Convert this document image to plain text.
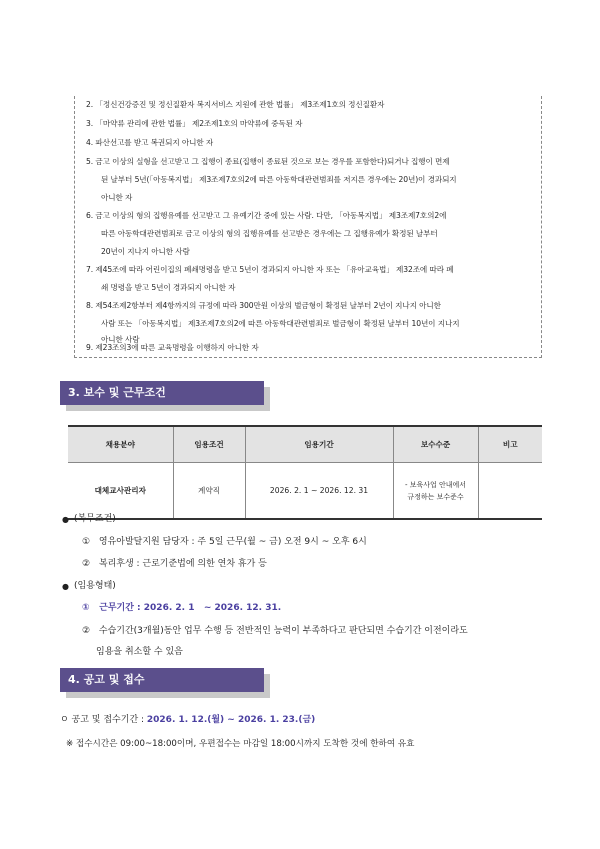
2. 「정신건강증진 및 정신질환자 복지서비스 지원에 관한 법률」 제3조제1호의 정신질환자
3. 「마약류 관리에 관한 법률」 제2조제1호의 마약류에 중독된 자
4. 파산선고를 받고 복권되지 아니한 자
5. 금고 이상의 실형을 선고받고 그 집행이 종료(집행이 종료된 것으로 보는 경우를 포함한다)되거나 집행이 면제
된 날부터 5년(「아동복지법」 제3조제7호의2에 따른 아동학대관련범죄를 저지른 경우에는 20년)이 경과되지
아니한 자
6. 금고 이상의 형의 집행유예를 선고받고 그 유예기간 중에 있는 사람. 다만, 「아동복지법」 제3조제7호의2에
따른 아동학대관련범죄로 금고 이상의 형의 집행유예를 선고받은 경우에는 그 집행유예가 확정된 날부터
20년이 지나지 아니한 사람
7. 제45조에 따라 어린이집의 폐쇄명령을 받고 5년이 경과되지 아니한 자 또는 「유아교육법」 제32조에 따라 폐
쇄 명령을 받고 5년이 경과되지 아니한 자
8. 제54조제2항부터 제4항까지의 규정에 따라 300만원 이상의 벌금형이 확정된 날부터 2년이 지나지 아니한
사람 또는 「아동복지법」 제3조제7호의2에 따른 아동학대관련범죄로 벌금형이 확정된 날부터 10년이 지나지
아니한 사람
9. 제23조의3에 따른 교육명령을 이행하지 아니한 자
3. 보수 및 근무조건
채용분야	임용조건	임용기간	보수수준	비고
대체교사관리자	계약직	2026. 2. 1 ~ 2026. 12. 31	- 보육사업 안내에서
규정하는 보수준수	

● (복무조건)
① 영유아발달지원 담당자 : 주 5일 근무(월 ~ 금) 오전 9시 ~ 오후 6시
② 복리후생 : 근로기준법에 의한 연차 휴가 등
● (임용형태)
① 근무기간 : 2026. 2. 1   ~ 2026. 12. 31.
② 수습기간(3개월)동안 업무 수행 등 전반적인 능력이 부족하다고 판단되면 수습기간 이전이라도
임용을 취소할 수 있음
4. 공고 및 접수
ㅇ 공고 및 접수기간 : 2026. 1. 12.(월) ~ 2026. 1. 23.(금)
※ 접수시간은 09:00~18:00이며, 우편접수는 마감일 18:00시까지 도착한 것에 한하여 유효
